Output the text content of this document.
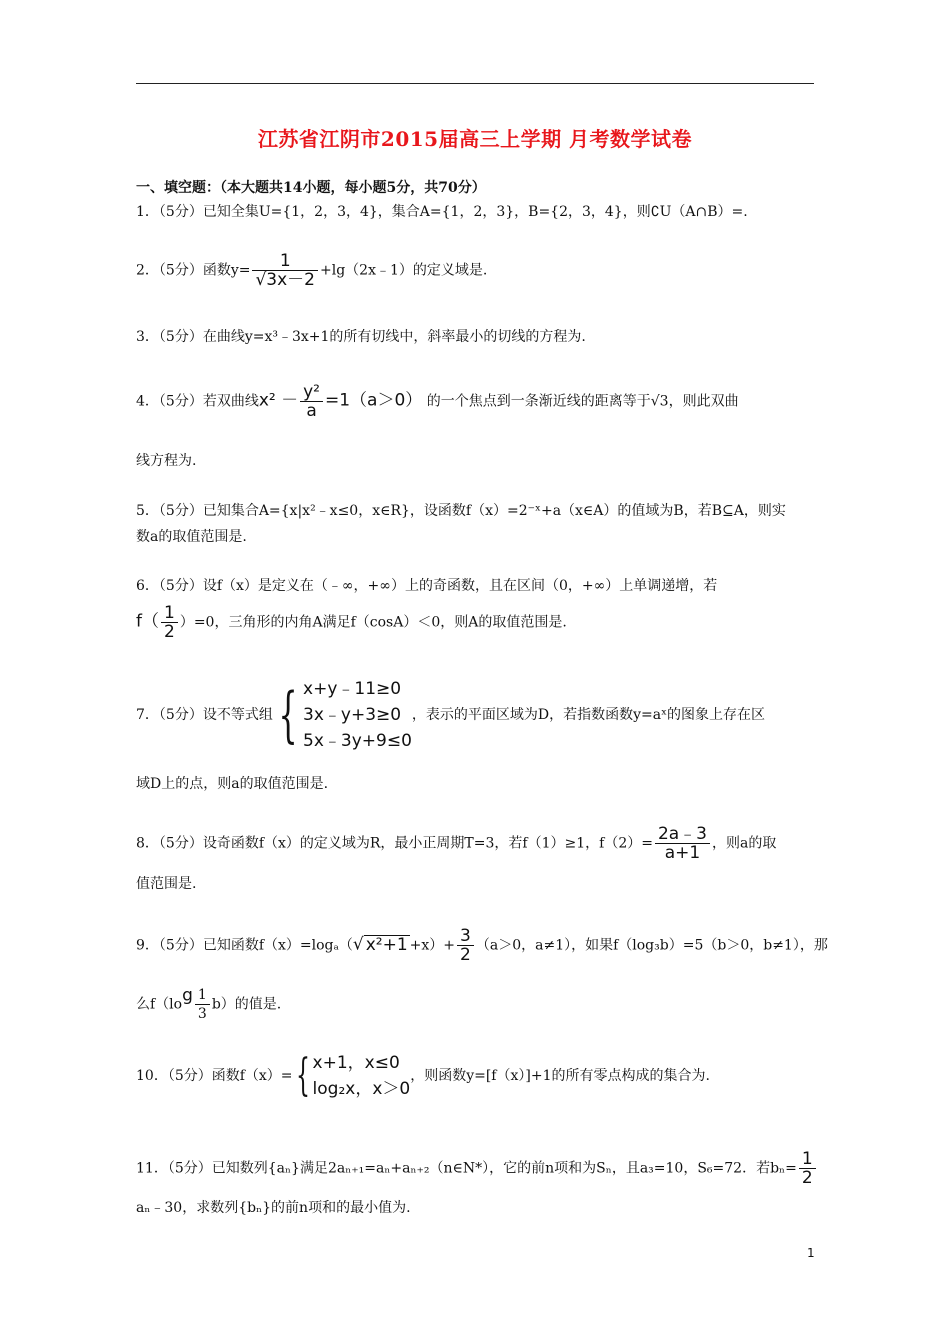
江苏省江阴市2015届高三上学期 月考数学试卷
一、填空题：（本大题共14小题，每小题5分，共70分）
1．（5分）已知全集U={1，2，3，4}，集合A={1，2，3}，B={2，3，4}，则∁U（A∩B）=.
2．（5分）函数$y= \frac{1}{√3x-2}$ +lg（2x﹣1）的定义域是.
3．（5分）在曲线y=x³﹣3x+1的所有切线中，斜率最小的切线的方程为.
4．（5分）若双曲线$x^2 - \frac{\text{y²}}{a} =1(a>0)$ 的一个焦点到一条渐近线的距离等于√3，则此双曲
线方程为.
5．（5分）已知集合A={x|x²﹣x≤0，x∈R}，设函数f（x）=2⁻ˣ+a（x∈A）的值域为B，若B⊆A，则实
数a的取值范围是.
6．（5分）设f（x）是定义在（﹣∞，+∞）上的奇函数，且在区间（0，+∞）上单调递增，若
$f( \frac{1}{2} )=0$，三角形的内角A满足f（cosA）＜0，则A的取值范围是.
7．（5分）设不等式组{ x+y﹣11≥0
3x﹣y+3≥0
5x﹣3y+9≤0
，表示的平面区域为D，若指数函数y=aˣ的图象上存在区
域D上的点，则a的取值范围是.
8．（5分）设奇函数f（x）的定义域为R，最小正周期T=3，若f（1）≥1，$f(2)= \frac{2a﹣3}{a+1}$ ，则a的取
值范围是.
9．（5分）已知函数f（x）=logₐ（√ $x^2+1 +x)+ \frac{3}{2} (a>0$，a≠1），如果f（log₃b）=5（b＞0，b≠1），那
么$f(\log \frac{1}{3} b)$的值是.
10．（5分）函数f（x）={ x+1，x≤0
log₂x，x＞0
，则函数y=[f（x）]+1的所有零点构成的集合为.
11．（5分）已知数列{aₙ}满足2aₙ₊₁=aₙ+aₙ₊₂（n∈N*），它的前n项和为Sₙ，且a₃=10，S₆=72．若$b_n= \frac{1}{2}$
aₙ﹣30，求数列{bₙ}的前n项和的最小值为.
1
